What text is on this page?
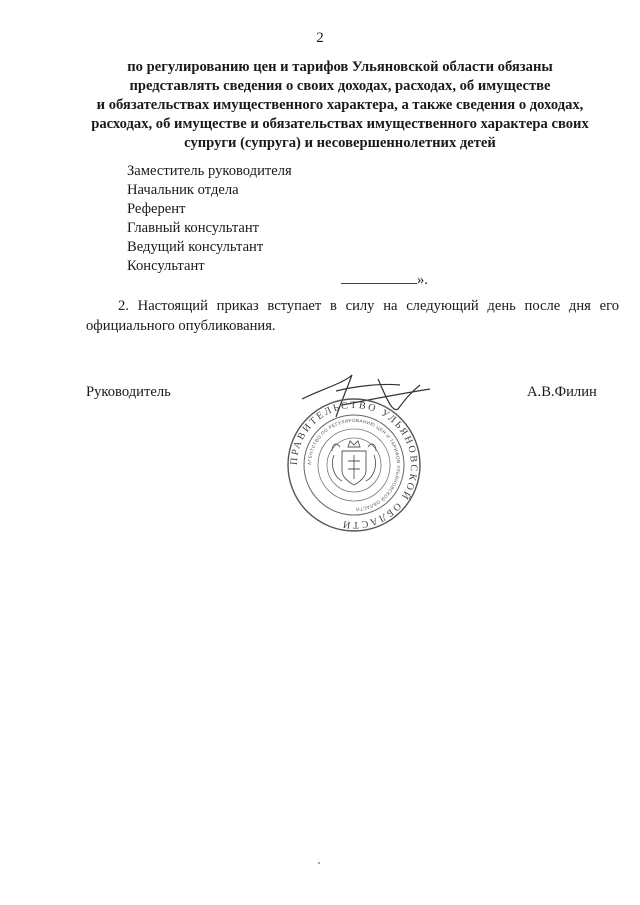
2
по регулированию цен и тарифов Ульяновской области обязаны
представлять сведения о своих доходах, расходах, об имуществе
и обязательствах имущественного характера, а также сведения о доходах,
расходах, об имуществе и обязательствах имущественного характера своих
супруги (супруга) и несовершеннолетних детей
Заместитель руководителя
Начальник отдела
Референт
Главный консультант
Ведущий консультант
Консультант
».
2. Настоящий приказ вступает в силу на следующий день после дня его официального опубликования.
Руководитель	А.В.Филин
ПРАВИТЕЛЬСТВО УЛЬЯНОВСКОЙ ОБЛАСТИ
АГЕНТСТВО ПО РЕГУЛИРОВАНИЮ ЦЕН И ТАРИФОВ УЛЬЯНОВСКОЙ ОБЛАСТИ
